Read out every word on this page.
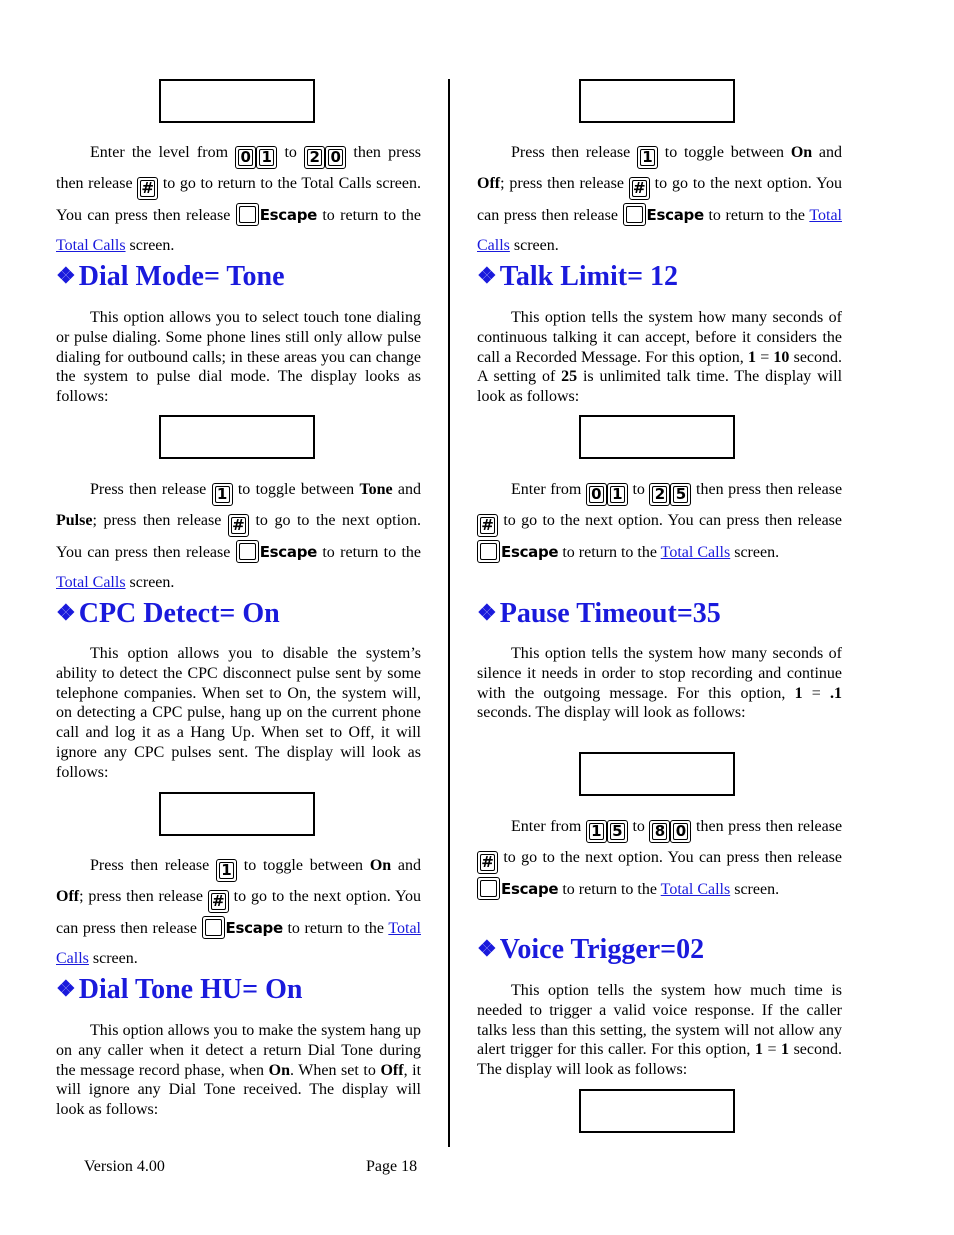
Enter the level from 0 1 to 2 0 then press then release # to go to return to the Total Calls screen. You can press then release Escape to return to the Total Calls screen.
❖ Dial Mode= Tone
This option allows you to select touch tone dialing or pulse dialing. Some phone lines still only allow pulse dialing for outbound calls; in these areas you can change the system to pulse dial mode. The display looks as follows:
Press then release 1 to toggle between Tone and Pulse; press then release # to go to the next option. You can press then release Escape to return to the Total Calls screen.
❖ CPC Detect= On
This option allows you to disable the system’s ability to detect the CPC disconnect pulse sent by some telephone companies. When set to On, the system will, on detecting a CPC pulse, hang up on the current phone call and log it as a Hang Up. When set to Off, it will ignore any CPC pulses sent. The display will look as follows:
Press then release 1 to toggle between On and Off; press then release # to go to the next option. You can press then release Escape to return to the Total Calls screen.
❖ Dial Tone HU= On
This option allows you to make the system hang up on any caller when it detect a return Dial Tone during the message record phase, when On. When set to Off, it will ignore any Dial Tone received. The display will look as follows:
Press then release 1 to toggle between On and Off; press then release # to go to the next option. You can press then release Escape to return to the Total Calls screen.
❖ Talk Limit= 12
This option tells the system how many seconds of continuous talking it can accept, before it considers the call a Recorded Message. For this option, 1 = 10 second. A setting of 25 is unlimited talk time. The display will look as follows:
Enter from 0 1 to 2 5 then press then release # to go to the next option. You can press then release Escape to return to the Total Calls screen.
❖ Pause Timeout=35
This option tells the system how many seconds of silence it needs in order to stop recording and continue with the outgoing message. For this option, 1 = .1 seconds. The display will look as follows:
Enter from 1 5 to 8 0 then press then release # to go to the next option. You can press then release Escape to return to the Total Calls screen.
❖ Voice Trigger=02
This option tells the system how much time is needed to trigger a valid voice response. If the caller talks less than this setting, the system will not allow any alert trigger for this caller. For this option, 1 = 1 second. The display will look as follows:
Version 4.00	Page 18
